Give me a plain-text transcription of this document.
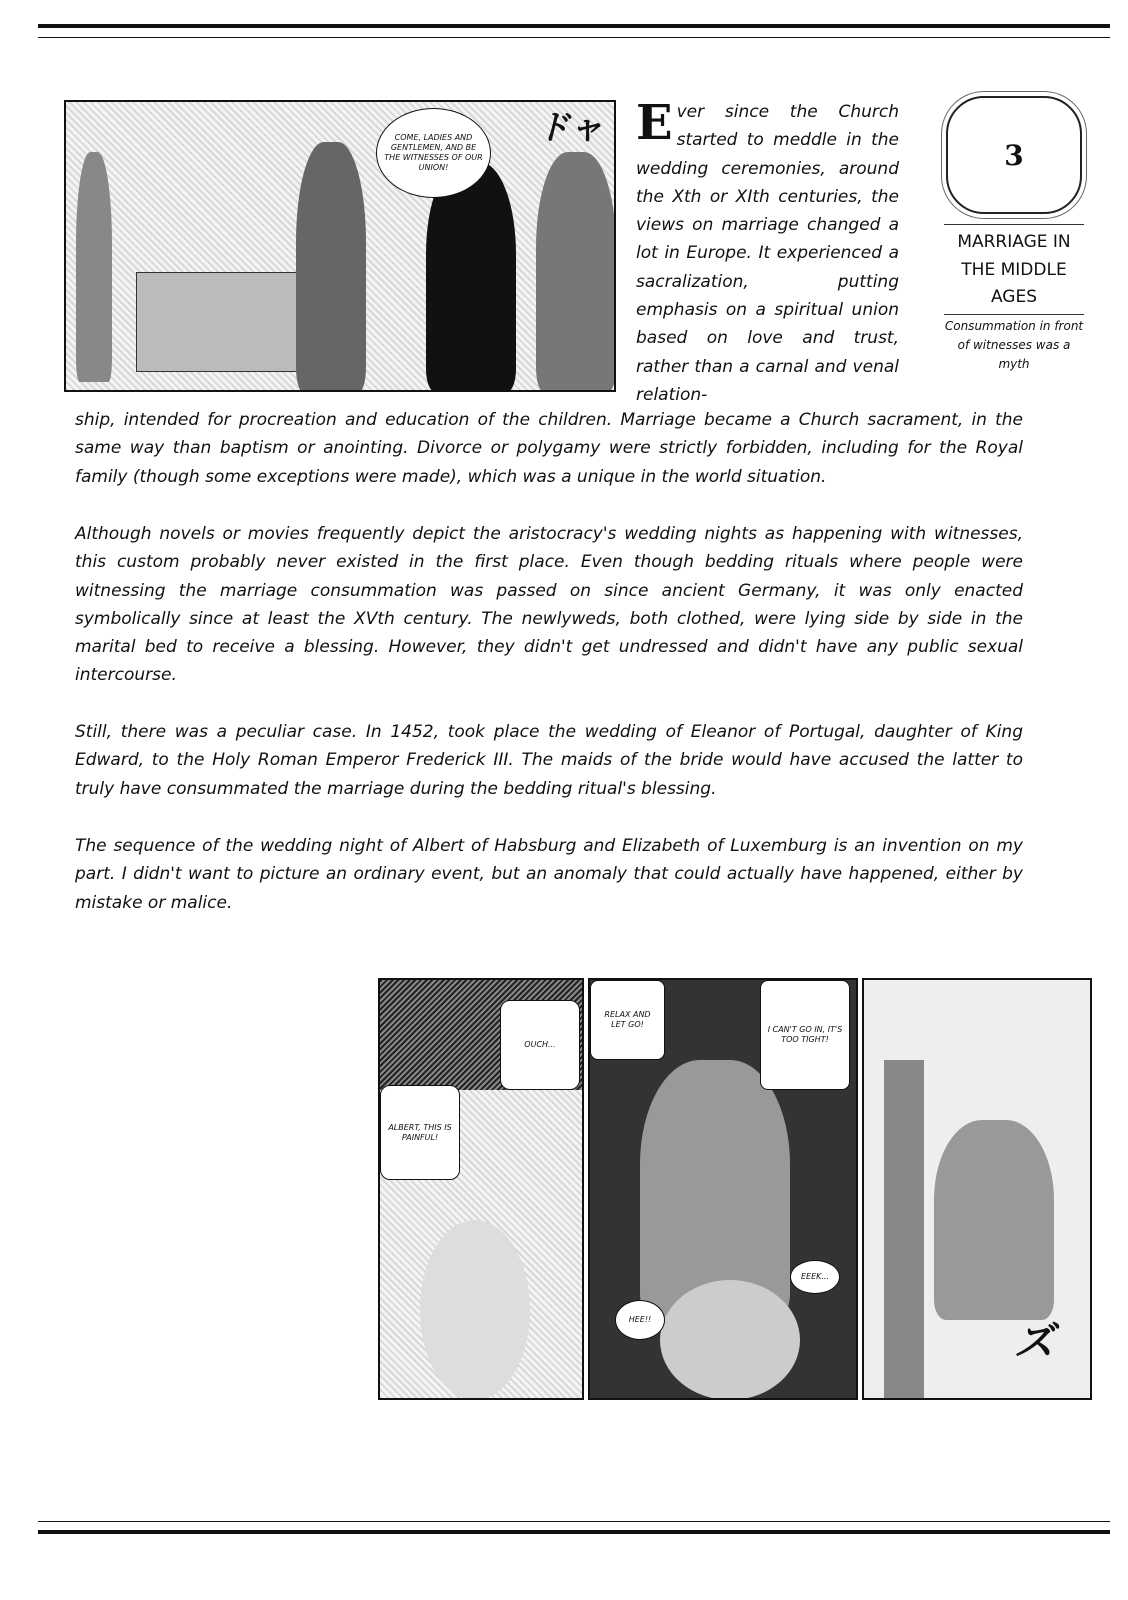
COME, LADIES AND GENTLEMEN, AND BE THE WITNESSES OF OUR UNION!
ドャ
ドャ
Ever since the Church started to meddle in the wedding ceremonies, around the Xth or XIth centuries, the views on marriage changed a lot in Europe. It experienced a sacralization, putting emphasis on a spiritual union based on love and trust, rather than a carnal and venal relation-
3
MARRIAGE IN THE MIDDLE AGES

Consummation in front of witnesses was a myth

ship, intended for procreation and education of the children. Marriage became a Church sacrament, in the same way than baptism or anointing. Divorce or polygamy were strictly forbidden, including for the Royal family (though some exceptions were made), which was a unique in the world situation.
Although novels or movies frequently depict the aristocracy's wedding nights as happening with witnesses, this custom probably never existed in the first place. Even though bedding rituals where people were witnessing the marriage consummation was passed on since ancient Germany, it was only enacted symbolically since at least the XVth century. The newlyweds, both clothed, were lying side by side in the marital bed to receive a blessing. However, they didn't get undressed and didn't have any public sexual intercourse.
Still, there was a peculiar case. In 1452, took place the wedding of Eleanor of Portugal, daughter of King Edward, to the Holy Roman Emperor Frederick III. The maids of the bride would have accused the latter to truly have consummated the marriage during the bedding ritual's blessing.
The sequence of the wedding night of Albert of Habsburg and Elizabeth of Luxemburg is an invention on my part. I didn't want to picture an ordinary event, but an anomaly that could actually have happened, either by mistake or malice.
OUCH...
ALBERT, THIS IS PAINFUL!
RELAX AND LET GO!
I CAN'T GO IN, IT'S TOO TIGHT!
EEEK...
HEE!!	ズ
